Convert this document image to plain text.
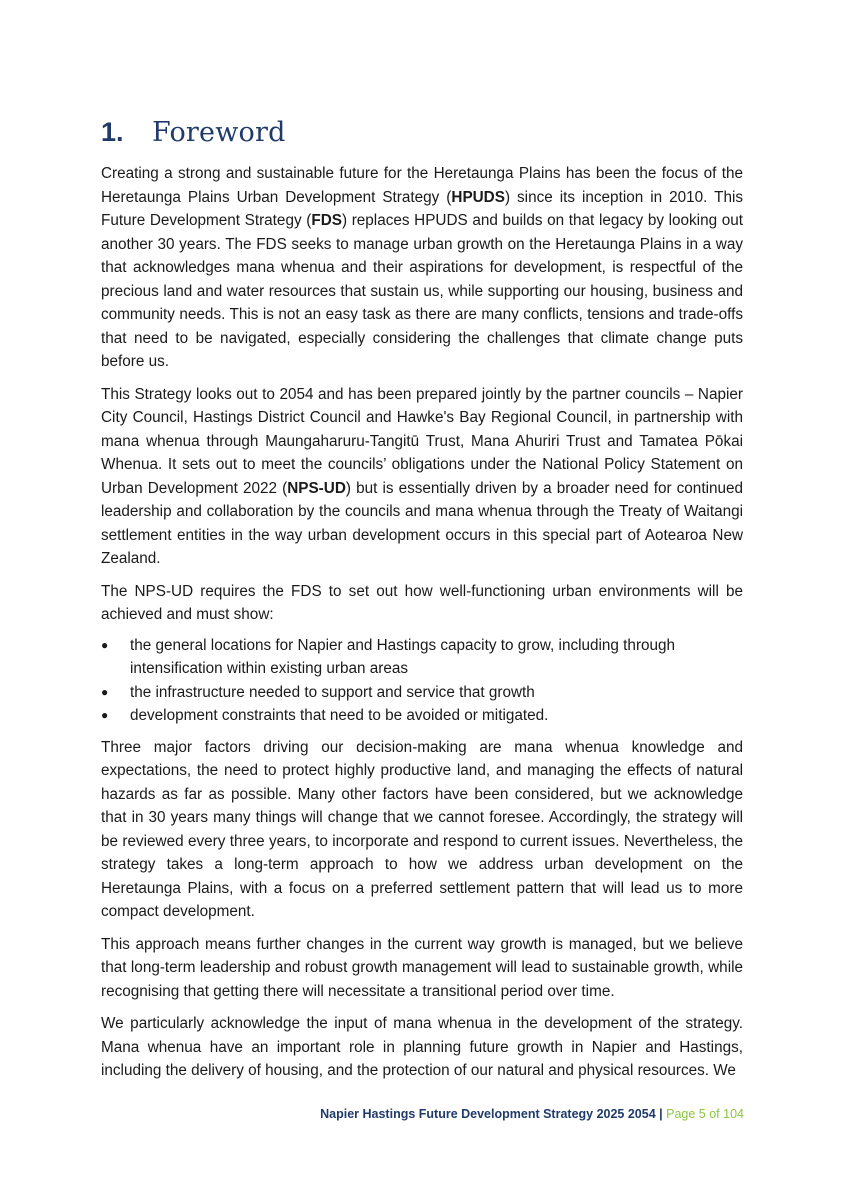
1. Foreword

Creating a strong and sustainable future for the Heretaunga Plains has been the focus of the Heretaunga Plains Urban Development Strategy (HPUDS) since its inception in 2010. This Future Development Strategy (FDS) replaces HPUDS and builds on that legacy by looking out another 30 years. The FDS seeks to manage urban growth on the Heretaunga Plains in a way that acknowledges mana whenua and their aspirations for development, is respectful of the precious land and water resources that sustain us, while supporting our housing, business and community needs. This is not an easy task as there are many conflicts, tensions and trade-offs that need to be navigated, especially considering the challenges that climate change puts before us.

This Strategy looks out to 2054 and has been prepared jointly by the partner councils – Napier City Council, Hastings District Council and Hawke's Bay Regional Council, in partnership with mana whenua through Maungaharuru-Tangitū Trust, Mana Ahuriri Trust and Tamatea Pōkai Whenua. It sets out to meet the councils’ obligations under the National Policy Statement on Urban Development 2022 (NPS-UD) but is essentially driven by a broader need for continued leadership and collaboration by the councils and mana whenua through the Treaty of Waitangi settlement entities in the way urban development occurs in this special part of Aotearoa New Zealand.

The NPS-UD requires the FDS to set out how well-functioning urban environments will be achieved and must show:

● the general locations for Napier and Hastings capacity to grow, including through intensification within existing urban areas
● the infrastructure needed to support and service that growth
● development constraints that need to be avoided or mitigated.

Three major factors driving our decision-making are mana whenua knowledge and expectations, the need to protect highly productive land, and managing the effects of natural hazards as far as possible. Many other factors have been considered, but we acknowledge that in 30 years many things will change that we cannot foresee. Accordingly, the strategy will be reviewed every three years, to incorporate and respond to current issues. Nevertheless, the strategy takes a long-term approach to how we address urban development on the Heretaunga Plains, with a focus on a preferred settlement pattern that will lead us to more compact development.

This approach means further changes in the current way growth is managed, but we believe that long-term leadership and robust growth management will lead to sustainable growth, while recognising that getting there will necessitate a transitional period over time.

We particularly acknowledge the input of mana whenua in the development of the strategy. Mana whenua have an important role in planning future growth in Napier and Hastings, including the delivery of housing, and the protection of our natural and physical resources. We

Napier Hastings Future Development Strategy 2025 2054 | Page 5 of 104
